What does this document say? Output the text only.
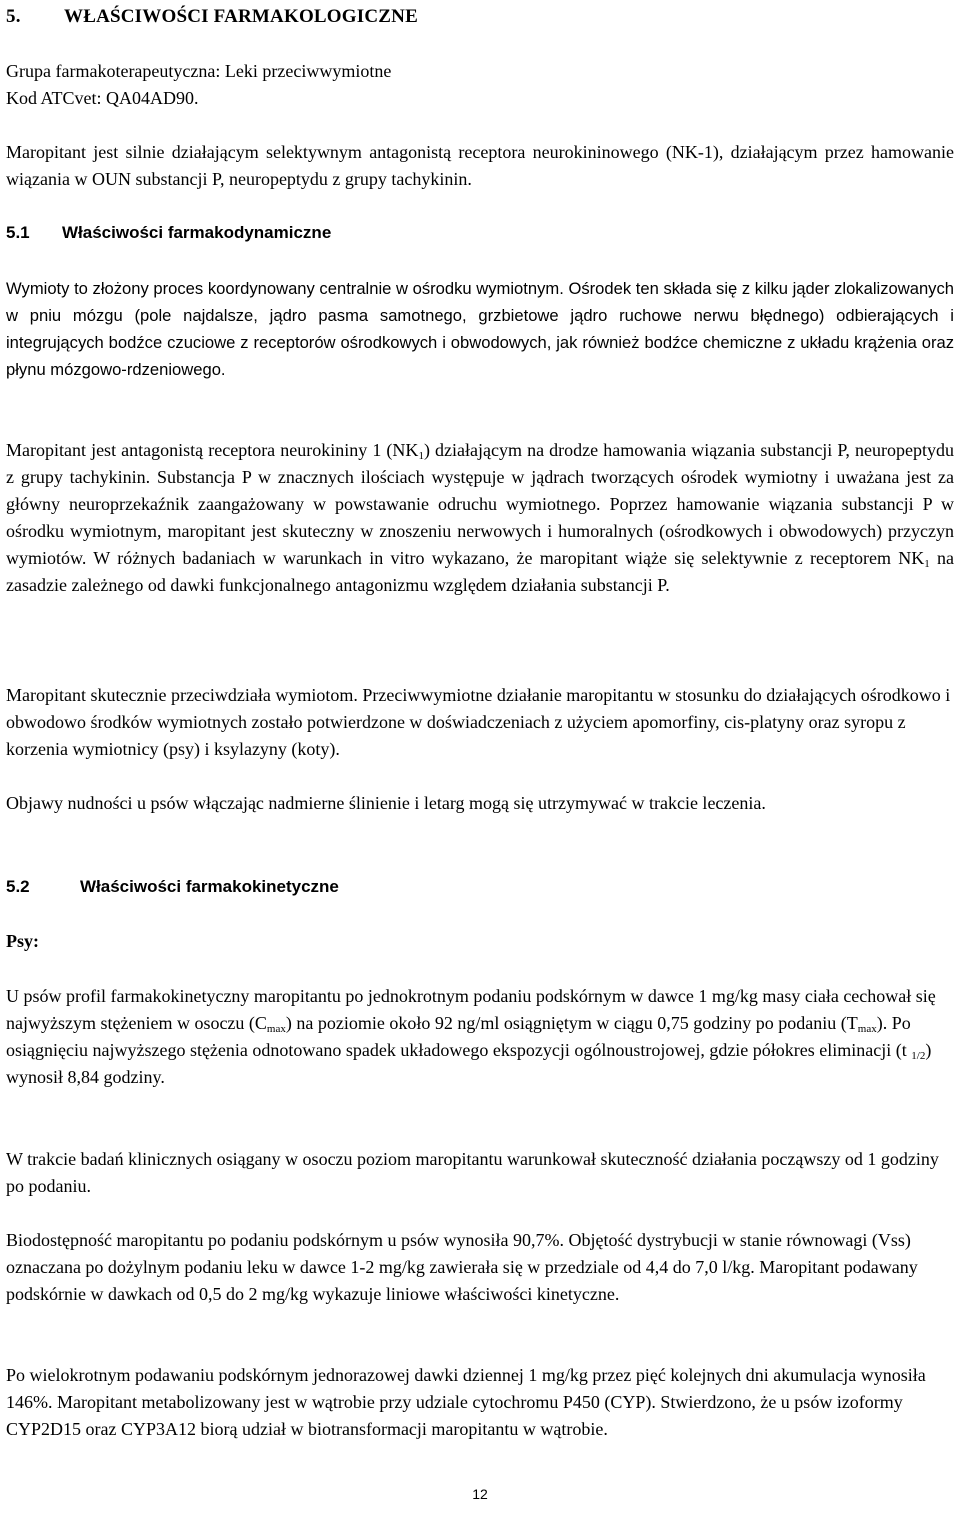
5. WŁAŚCIWOŚCI FARMAKOLOGICZNE

Grupa farmakoterapeutyczna: Leki przeciwwymiotne

Kod ATCvet: QA04AD90.

Maropitant jest silnie działającym selektywnym antagonistą receptora neurokininowego (NK-1), działającym przez hamowanie wiązania w OUN substancji P, neuropeptydu z grupy tachykinin.

5.1 Właściwości farmakodynamiczne

Wymioty to złożony proces koordynowany centralnie w ośrodku wymiotnym. Ośrodek ten składa się z kilku jąder zlokalizowanych w pniu mózgu (pole najdalsze, jądro pasma samotnego, grzbietowe jądro ruchowe nerwu błędnego) odbierających i integrujących bodźce czuciowe z receptorów ośrodkowych i obwodowych, jak również bodźce chemiczne z układu krążenia oraz płynu mózgowo-rdzeniowego.

Maropitant jest antagonistą receptora neurokininy 1 $(NK_1)$ działającym na drodze hamowania wiązania substancji P, neuropeptydu z grupy tachykinin. Substancja P w znacznych ilościach występuje w jądrach tworzących ośrodek wymiotny i uważana jest za główny neuroprzekaźnik zaangażowany w powstawanie odruchu wymiotnego. Poprzez hamowanie wiązania substancji P w ośrodku wymiotnym, maropitant jest skuteczny w znoszeniu nerwowych i humoralnych (ośrodkowych i obwodowych) przyczyn wymiotów. W różnych badaniach w warunkach in vitro wykazano, że maropitant wiąże się selektywnie z receptorem $NK_1$ na zasadzie zależnego od dawki funkcjonalnego antagonizmu względem działania substancji P.

Maropitant skutecznie przeciwdziała wymiotom. Przeciwwymiotne działanie maropitantu w stosunku do działających ośrodkowo i obwodowo środków wymiotnych zostało potwierdzone w doświadczeniach z użyciem apomorfiny, cis-platyny oraz syropu z korzenia wymiotnicy (psy) i ksylazyny (koty).

Objawy nudności u psów włączając nadmierne ślinienie i letarg mogą się utrzymywać w trakcie leczenia.

5.2	Właściwości farmakokinetyczne
Psy:

U psów profil farmakokinetyczny maropitantu po jednokrotnym podaniu podskórnym w dawce 1 mg/kg masy ciała cechował się najwyższym stężeniem w osoczu $(C_{max})$ na poziomie około 92 ng/ml osiągniętym w ciągu 0,75 godziny po podaniu $(T_{max})$. Po osiągnięciu najwyższego stężenia odnotowano spadek układowego ekspozycji ogólnoustrojowej, gdzie półokres eliminacji (t $_{1/2}$) wynosił 8,84 godziny.

W trakcie badań klinicznych osiągany w osoczu poziom maropitantu warunkował skuteczność działania począwszy od 1 godziny po podaniu.

Biodostępność maropitantu po podaniu podskórnym u psów wynosiła 90,7%. Objętość dystrybucji w stanie równowagi (Vss) oznaczana po dożylnym podaniu leku w dawce 1-2 mg/kg zawierała się w przedziale od 4,4 do 7,0 l/kg. Maropitant podawany podskórnie w dawkach od 0,5 do 2 mg/kg wykazuje liniowe właściwości kinetyczne.

Po wielokrotnym podawaniu podskórnym jednorazowej dawki dziennej 1 mg/kg przez pięć kolejnych dni akumulacja wynosiła 146%. Maropitant metabolizowany jest w wątrobie przy udziale cytochromu P450 (CYP). Stwierdzono, że u psów izoformy CYP2D15 oraz CYP3A12 biorą udział w biotransformacji maropitantu w wątrobie.

12
